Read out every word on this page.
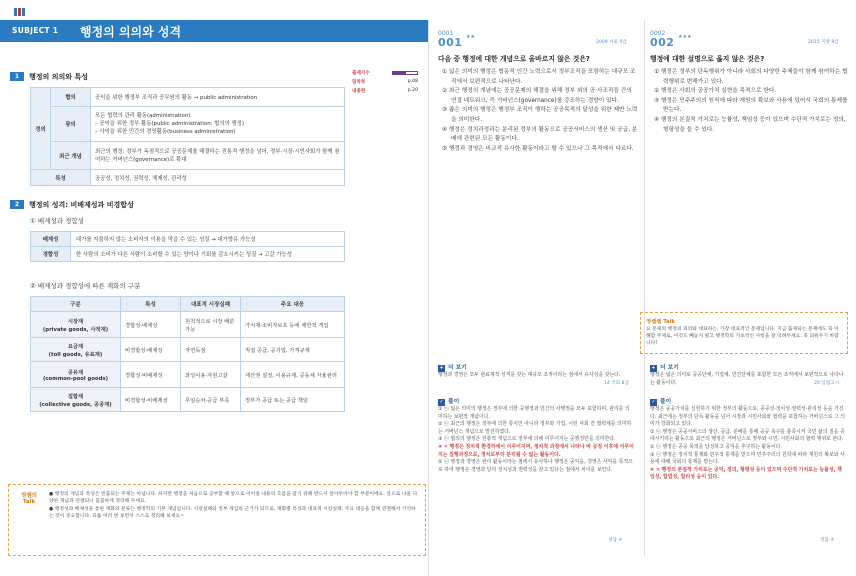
SUBJECT 1 행정의 의의와 성격
1	행정의 의의와 특성
정의	협의	공익을 위한 행정부 조직과 공무원의 활동 → public administration
	광의	모든 협력의 관리 활동(administration)
– 공익을 위한 정부 활동(public administration: 협의의 행정)
– 사익을 위한 민간의 경영활동(business administration)
	최근 개념	최근의 행정: 정부가 독점적으로 공공문제를 해결하는 전통적 행정을 넘어, 정부·시장·시민사회가 함께 참여하는 거버넌스(governance)로 확대
특성		공공성, 정치성, 권력성, 체제성, 관리성
2	행정의 성격: 비배제성과 비경합성
① 배제성과 경합성
배제성	대가를 지불하지 않는 소비자의 이용을 막을 수 있는 성질 → 대가향유 가능성
경합성	한 사람의 소비가 다른 사람이 소비할 수 있는 양이나 기회를 감소시키는 성질 → 고갈 가능성
② 배제성과 경합성에 따른 재화의 구분
구분	특성	대표적 시장실패	주요 대응
시장재
(private goods, 사적재)	경합성·배제성	원칙적으로 시장 배분 가능	가치재·소비자보호 등에 제한적 개입
요금재
(toll goods, 유료재)	비경합성·배제성	자연독점	직접 공급, 공기업, 가격규제
공유재
(common-pool goods)	경합성·비배제성	과잉이용·자원고갈	재산권 설정, 이용규제, 공동체 자율관리
집합재
(collective goods, 공공재)	비경합성·비배제성	무임승차·공급 부족	정부가 공급 또는 공급 책임
출제지수
밀착복	p.08
내용편	p.20
영쌤의
Talk

● 행정의 개념과 특성은 빈출되는 주제는 아닙니다. 하지만 행정을 처음으로 공부할 때 앞으로 이어질 내용의 흐름을 잡기 위해 반드시 알아두어야 할 부분이에요. 앞으로 나올 다양한 개념과 연결되니 꼼꼼하게 정리해 두세요.

● 행정성과 배제성을 통한 재화의 분류는 행정학의 기본 개념입니다. 시장실패와 정부 개입의 근거가 되므로, 재화별 특성과 대표적 시장실패, 주요 대응을 함께 연결해서 기억하는 것이 중요합니다. 표를 여러 번 보면서 스스로 정리해 보세요~

0001
001 ★★
2009 서울 9급
다음 중 행정에 대한 개념으로 올바르지 않은 것은?
① 넓은 의미의 행정은 협동적 인간 노력으로서 정부조직을 포함하는 대규모 조직에서 보편적으로 나타난다.
② 최근 행정의 개념에는 공공문제의 해결을 위해 정부 외의 공·사조직들 간의 연결 네트워크, 즉 거버넌스(governance)를 강조하는 경향이 있다.
③ 좁은 의미의 행정은 행정부 조직이 행하는 공공목적의 달성을 위한 제반 노력을 의미한다.
④ 행정은 정치과정과는 분리된 정부의 활동으로 공공서비스의 생산 및 공급, 분배에 관련된 모든 활동이다.
⑤ 행정과 경영은 비교적 유사한 활동이라고 할 수 있으나 그 목적에서 다르다.
0002
002 ★★★
2015 지방 9급
행정에 대한 설명으로 옳지 않은 것은?
① 행정은 정부의 단독행위가 아니라 사회의 다양한 주체들이 함께 참여하는 협력행위로 변해가고 있다.
② 행정은 사회의 공공가치 실현을 목적으로 한다.
③ 행정은 민주주의의 원칙에 따라 재원의 확보와 사용에 있어서 국회의 통제를 받는다.
④ 행정의 본질적 가치로는 능률성, 책임성 등이 있으며 수단적 가치로는 정의, 형평성을 들 수 있다.
영쌤쌤 Talk

요 문제의 행정의 의의와 대표하는, 가장 대표적인 문제입니다. 지금 출제되는 문제에도 꼭 이해할 주제로, 이것도 빼놓지 말고 행정학의 기초적인 사항을 잘 익혀두세요. 꼭 외워두기 바랍니다!

+ 더 보기
행정과 경영은 모두 관료제적 성격을 갖는 대규모 조직이라는 점에서 유사성을 갖는다.
14 국회 8급
✓ 풀이
① ⓞ 넓은 의미의 행정은 정부에 의한 공행정과 민간의 사행정을 모두 포함하며, 관리를 의미하는 보편적 개념이다.
② ⓞ 최근의 행정은 정부에 의한 통치인 아니라 정부와 기업, 시민 사회 간 협력체를 의미하는 거버넌스 개념으로 발전하였다.
③ ⓞ 협의의 행정은 전통적 개념으로 정부에 의해 이루어지는 공행정만을 의미한다.
④ ✕ 행정은 정치적 환경하에서 이루어지며, 정치적 과정에서 나타나 바 공정 이후에 이루어지는 집행과정으로, 정치로부터 분리될 수 없는 활동이다.
⑤ ⓞ 행정과 경영은 관리 활동이라는 점에서 유사하나 행정은 공익을, 경영은 사익을 목적으로 하여 행정은 경영과 달리 정치성과 권력성을 갖고 있다는 점에서 차이를 보인다.
정답 ④
+ 더 보기
행정은 넓은 의미로 공공단체, 기업체, 민간단체를 포함한 모든 조직에서 보편적으로 나타나는 활동이다.	20 입법고시
✓ 풀이
행정은 공공가치를 실현하기 위한 정부의 활동으로, 공공성·정치성·권력성·관리성 등을 가진다. 최근에는 정부의 단독 활동을 넘어 시장과 시민사회와 협력을 포함하는 거버넌스로 그 의미가 강화되고 있다.
① ⓞ 행정은 공공서비스의 생산, 공급, 분배를 통해 공공 욕구를 충족시켜 국민 삶의 질을 증대시키려는 활동으로 최근의 행정은 거버넌스로 정부와 시민, 시민사회의 협력 행위로 본다.
② ⓞ 행정은 공공 목적을 달성하고 공익을 추구하는 활동이다.
③ ⓞ 행정은 정치적 통제와 민주적 통제를 받으며 민주주의의 원칙에 따라 재원의 확보와 사용에 대해 국회의 통제를 받는다.
④ ✕ 행정의 본질적 가치로는 공익, 정의, 형평성 등이 있으며 수단적 가치로는 능률성, 책임성, 합법성, 합리성 등이 있다.
정답 ④
